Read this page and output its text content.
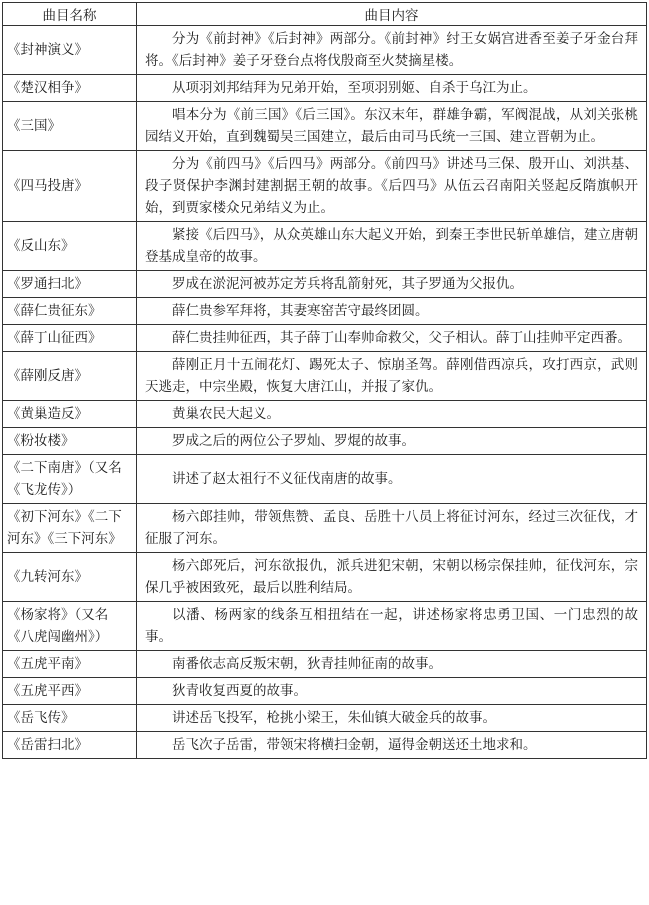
曲目名称	曲目内容
《封神演义》	分为《前封神》《后封神》两部分。《前封神》纣王女娲宫进香至姜子牙金台拜将。《后封神》姜子牙登台点将伐殷商至火焚摘星楼。

《楚汉相争》	从项羽刘邦结拜为兄弟开始，至项羽别姬、自杀于乌江为止。

《三国》	唱本分为《前三国》《后三国》。东汉末年，群雄争霸，军阀混战，从刘关张桃园结义开始，直到魏蜀吴三国建立，最后由司马氏统一三国、建立晋朝为止。

《四马投唐》	分为《前四马》《后四马》两部分。《前四马》讲述马三保、殷开山、刘洪基、段子贤保护李渊封建割据王朝的故事。《后四马》从伍云召南阳关竖起反隋旗帜开始，到贾家楼众兄弟结义为止。

《反山东》	紧接《后四马》，从众英雄山东大起义开始，到秦王李世民斩单雄信，建立唐朝登基成皇帝的故事。

《罗通扫北》	罗成在淤泥河被苏定芳兵将乱箭射死，其子罗通为父报仇。

《薛仁贵征东》	薛仁贵参军拜将，其妻寒窑苦守最终团圆。

《薛丁山征西》	薛仁贵挂帅征西，其子薛丁山奉帅命救父，父子相认。薛丁山挂帅平定西番。

《薛刚反唐》	薛刚正月十五闹花灯、踢死太子、惊崩圣驾。薛刚借西凉兵，攻打西京，武则天逃走，中宗坐殿，恢复大唐江山，并报了家仇。

《黄巢造反》	黄巢农民大起义。

《粉妆楼》	罗成之后的两位公子罗灿、罗焜的故事。

《二下南唐》（又名《飞龙传》）	讲述了赵太祖行不义征伐南唐的故事。

《初下河东》《二下河东》《三下河东》	杨六郎挂帅，带领焦赞、孟良、岳胜十八员上将征讨河东，经过三次征伐，才征服了河东。

《九转河东》	杨六郎死后，河东欲报仇，派兵进犯宋朝，宋朝以杨宗保挂帅，征伐河东，宗保几乎被困致死，最后以胜利结局。

《杨家将》（又名《八虎闯幽州》）	以潘、杨两家的线条互相扭结在一起，讲述杨家将忠勇卫国、一门忠烈的故事。

《五虎平南》	南番依志高反叛宋朝，狄青挂帅征南的故事。

《五虎平西》	狄青收复西夏的故事。

《岳飞传》	讲述岳飞投军，枪挑小梁王，朱仙镇大破金兵的故事。

《岳雷扫北》	岳飞次子岳雷，带领宋将横扫金朝，逼得金朝送还土地求和。
